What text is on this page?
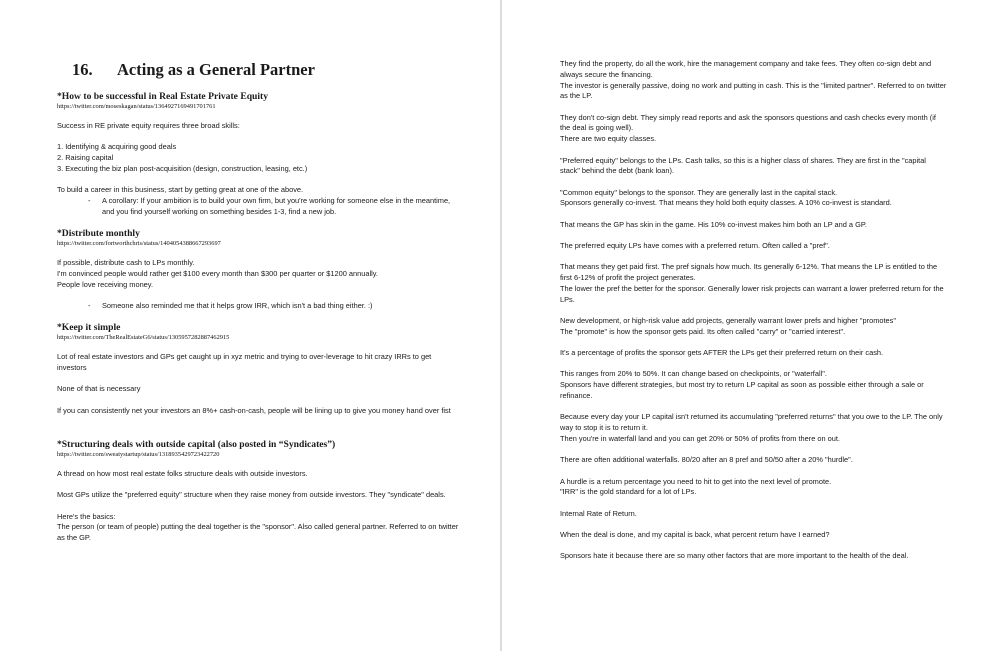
16. Acting as a General Partner
*How to be successful in Real Estate Private Equity
https://twitter.com/moseskagan/status/1364927169491701761
Success in RE private equity requires three broad skills:
1. Identifying & acquiring good deals
2. Raising capital
3. Executing the biz plan post-acquisition (design, construction, leasing, etc.)
To build a career in this business, start by getting great at one of the above.
- A corollary: If your ambition is to build your own firm, but you're working for someone else in the meantime, and you find yourself working on something besides 1-3, find a new job.
*Distribute monthly
https://twitter.com/fortworthchris/status/1404054388667293697
If possible, distribute cash to LPs monthly.
I'm convinced people would rather get $100 every month than $300 per quarter or $1200 annually.
People love receiving money.
- Someone also reminded me that it helps grow IRR, which isn't a bad thing either. :)
*Keep it simple
https://twitter.com/TheRealEstateG6/status/1305957282887462915
Lot of real estate investors and GPs get caught up in xyz metric and trying to over-leverage to hit crazy IRRs to get investors
None of that is necessary
If you can consistently net your investors an 8%+ cash-on-cash, people will be lining up to give you money hand over fist
*Structuring deals with outside capital (also posted in “Syndicates”)
https://twitter.com/sweatystartup/status/1318935429723422720
A thread on how most real estate folks structure deals with outside investors.
Most GPs utilize the "preferred equity" structure when they raise money from outside investors. They "syndicate" deals.
Here's the basics:
The person (or team of people) putting the deal together is the "sponsor". Also called general partner. Referred to on twitter as the GP.
They find the property, do all the work, hire the management company and take fees. They often co-sign debt and always secure the financing.
The investor is generally passive, doing no work and putting in cash. This is the "limited partner". Referred to on twitter as the LP.
They don't co-sign debt. They simply read reports and ask the sponsors questions and cash checks every month (if the deal is going well).
There are two equity classes.
"Preferred equity" belongs to the LPs. Cash talks, so this is a higher class of shares. They are first in the "capital stack" behind the debt (bank loan).
"Common equity" belongs to the sponsor. They are generally last in the capital stack.
Sponsors generally co-invest. That means they hold both equity classes. A 10% co-invest is standard.
That means the GP has skin in the game. His 10% co-invest makes him both an LP and a GP.
The preferred equity LPs have comes with a preferred return. Often called a "pref".
That means they get paid first. The pref signals how much. Its generally 6-12%. That means the LP is entitled to the first 6-12% of profit the project generates.
The lower the pref the better for the sponsor. Generally lower risk projects can warrant a lower preferred return for the LPs.
New development, or high-risk value add projects, generally warrant lower prefs and higher "promotes"
The "promote" is how the sponsor gets paid. Its often called "carry" or "carried interest".
It's a percentage of profits the sponsor gets AFTER the LPs get their preferred return on their cash.
This ranges from 20% to 50%. It can change based on checkpoints, or "waterfall".
Sponsors have different strategies, but most try to return LP capital as soon as possible either through a sale or refinance.
Because every day your LP capital isn't returned its accumulating "preferred returns" that you owe to the LP. The only way to stop it is to return it.
Then you're in waterfall land and you can get 20% or 50% of profits from there on out.
There are often additional waterfalls. 80/20 after an 8 pref and 50/50 after a 20% "hurdle".
A hurdle is a return percentage you need to hit to get into the next level of promote.
"IRR" is the gold standard for a lot of LPs.
Internal Rate of Return.
When the deal is done, and my capital is back, what percent return have I earned?
Sponsors hate it because there are so many other factors that are more important to the health of the deal.
